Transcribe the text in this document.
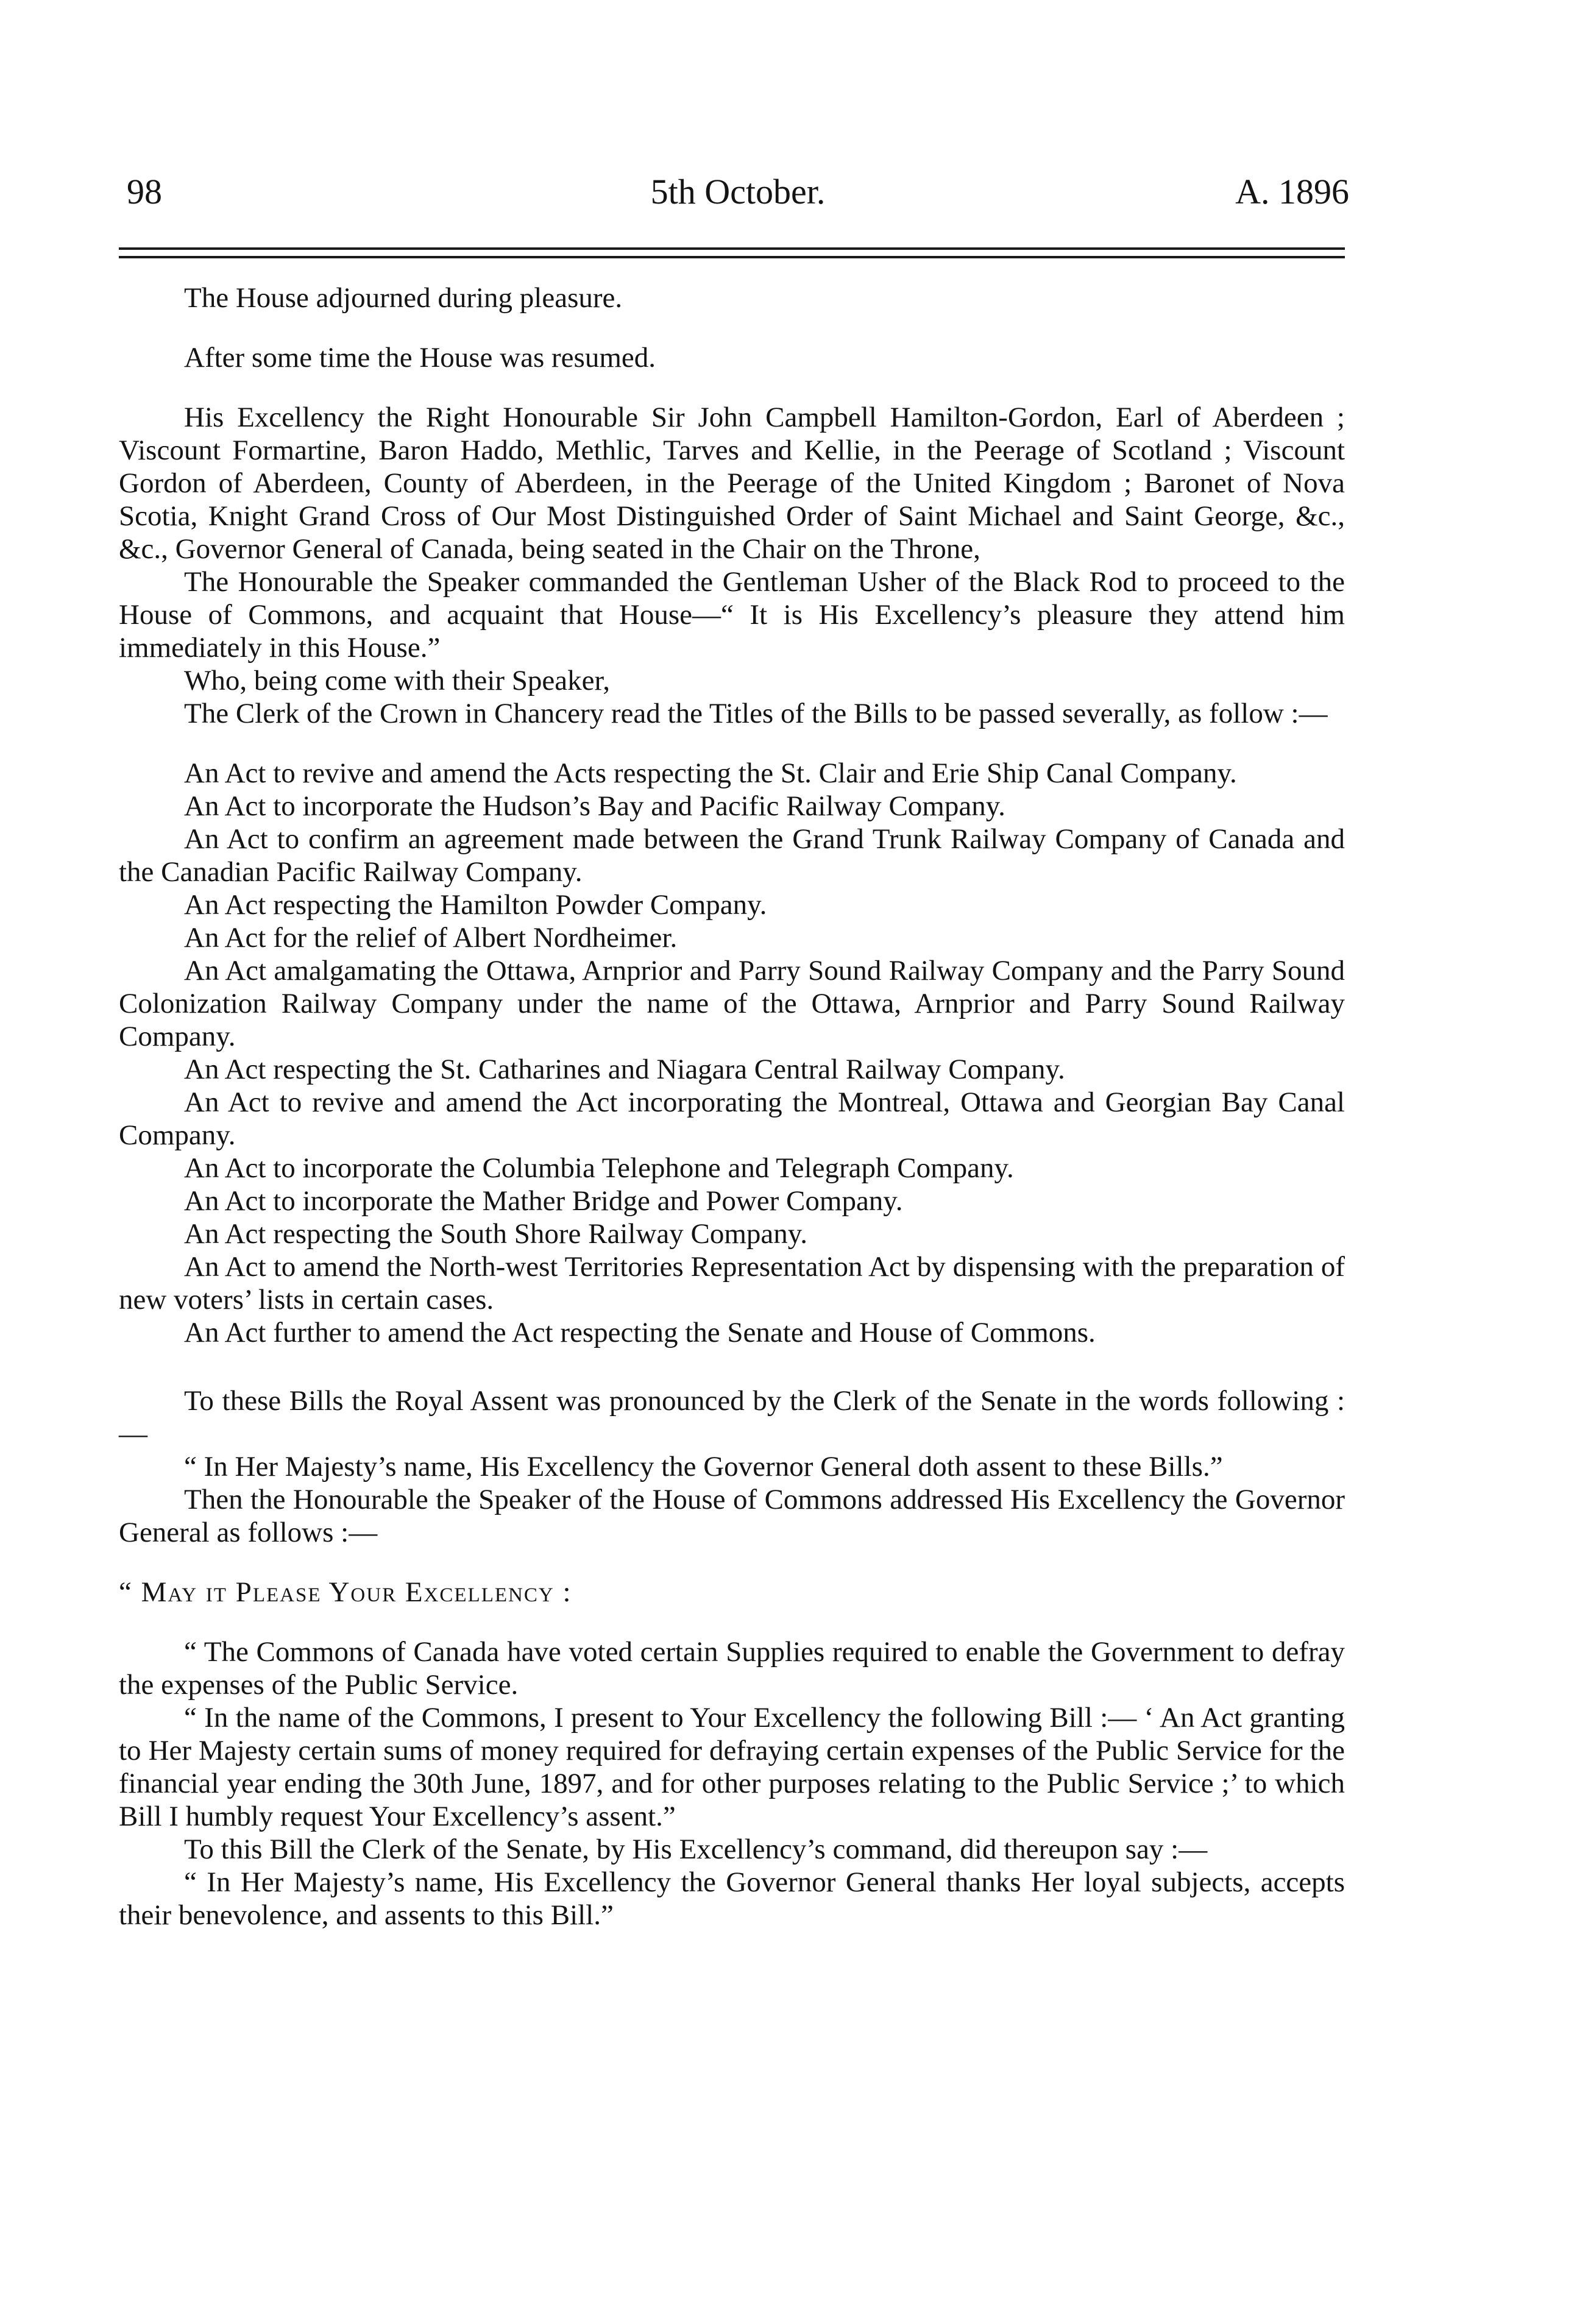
98	5th October.	A. 1896

The House adjourned during pleasure.

After some time the House was resumed.

His Excellency the Right Honourable Sir John Campbell Hamilton-Gordon, Earl of Aberdeen ; Viscount Formartine, Baron Haddo, Methlic, Tarves and Kellie, in the Peerage of Scotland ; Viscount Gordon of Aberdeen, County of Aberdeen, in the Peerage of the United Kingdom ; Baronet of Nova Scotia, Knight Grand Cross of Our Most Distinguished Order of Saint Michael and Saint George, &c., &c., Governor General of Canada, being seated in the Chair on the Throne,

The Honourable the Speaker commanded the Gentleman Usher of the Black Rod to proceed to the House of Commons, and acquaint that House—“ It is His Excellency’s pleasure they attend him immediately in this House.”

Who, being come with their Speaker,

The Clerk of the Crown in Chancery read the Titles of the Bills to be passed severally, as follow :—

An Act to revive and amend the Acts respecting the St. Clair and Erie Ship Canal Company.

An Act to incorporate the Hudson’s Bay and Pacific Railway Company.

An Act to confirm an agreement made between the Grand Trunk Railway Company of Canada and the Canadian Pacific Railway Company.

An Act respecting the Hamilton Powder Company.

An Act for the relief of Albert Nordheimer.

An Act amalgamating the Ottawa, Arnprior and Parry Sound Railway Company and the Parry Sound Colonization Railway Company under the name of the Ottawa, Arnprior and Parry Sound Railway Company.

An Act respecting the St. Catharines and Niagara Central Railway Company.

An Act to revive and amend the Act incorporating the Montreal, Ottawa and Georgian Bay Canal Company.

An Act to incorporate the Columbia Telephone and Telegraph Company.

An Act to incorporate the Mather Bridge and Power Company.

An Act respecting the South Shore Railway Company.

An Act to amend the North-west Territories Representation Act by dispensing with the preparation of new voters’ lists in certain cases.

An Act further to amend the Act respecting the Senate and House of Commons.

To these Bills the Royal Assent was pronounced by the Clerk of the Senate in the words following :—

“ In Her Majesty’s name, His Excellency the Governor General doth assent to these Bills.”

Then the Honourable the Speaker of the House of Commons addressed His Excellency the Governor General as follows :—

“ May it Please Your Excellency :

“ The Commons of Canada have voted certain Supplies required to enable the Government to defray the expenses of the Public Service.

“ In the name of the Commons, I present to Your Excellency the following Bill :— ‘ An Act granting to Her Majesty certain sums of money required for defraying certain expenses of the Public Service for the financial year ending the 30th June, 1897, and for other purposes relating to the Public Service ;’ to which Bill I humbly request Your Excellency’s assent.”

To this Bill the Clerk of the Senate, by His Excellency’s command, did thereupon say :—

“ In Her Majesty’s name, His Excellency the Governor General thanks Her loyal subjects, accepts their benevolence, and assents to this Bill.”
